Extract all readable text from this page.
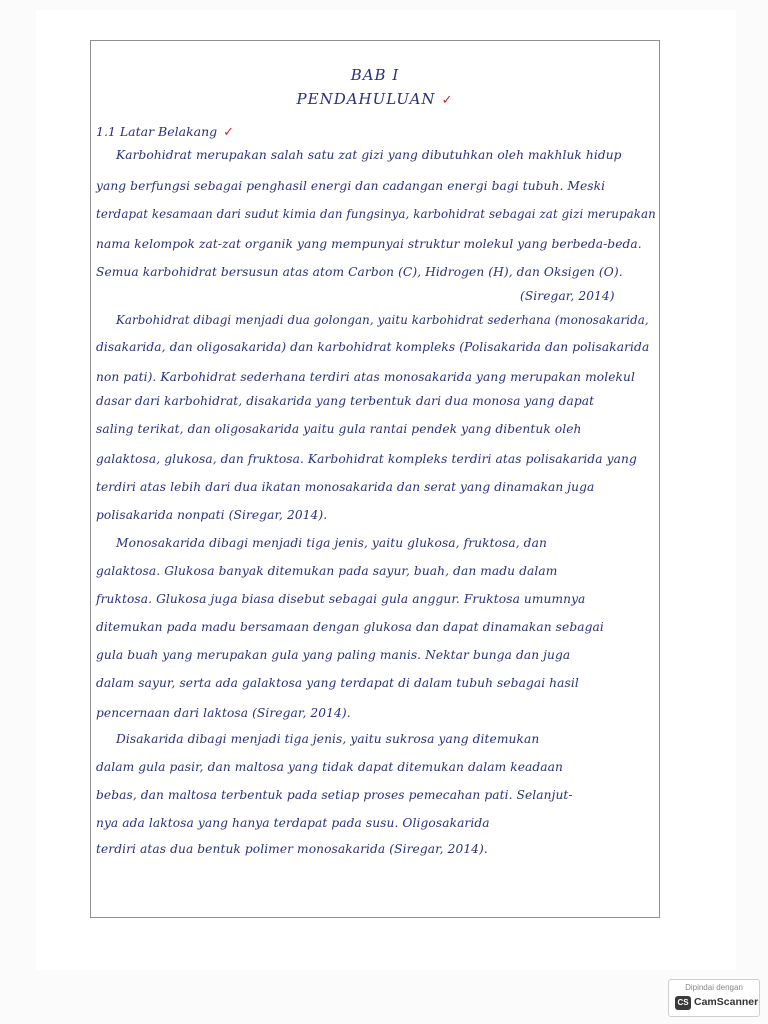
BAB I
PENDAHULUAN ✓
1.1 Latar Belakang ✓
Karbohidrat merupakan salah satu zat gizi yang dibutuhkan oleh makhluk hidup
yang berfungsi sebagai penghasil energi dan cadangan energi bagi tubuh. Meski
terdapat kesamaan dari sudut kimia dan fungsinya, karbohidrat sebagai zat gizi merupakan
nama kelompok zat-zat organik yang mempunyai struktur molekul yang berbeda-beda.
Semua karbohidrat bersusun atas atom Carbon (C), Hidrogen (H), dan Oksigen (O).
(Siregar, 2014)
Karbohidrat dibagi menjadi dua golongan, yaitu karbohidrat sederhana (monosakarida,
disakarida, dan oligosakarida) dan karbohidrat kompleks (Polisakarida dan polisakarida
non pati). Karbohidrat sederhana terdiri atas monosakarida yang merupakan molekul
dasar dari karbohidrat, disakarida yang terbentuk dari dua monosa yang dapat
saling terikat, dan oligosakarida yaitu gula rantai pendek yang dibentuk oleh
galaktosa, glukosa, dan fruktosa. Karbohidrat kompleks terdiri atas polisakarida yang
terdiri atas lebih dari dua ikatan monosakarida dan serat yang dinamakan juga
polisakarida nonpati (Siregar, 2014).
Monosakarida dibagi menjadi tiga jenis, yaitu glukosa, fruktosa, dan
galaktosa. Glukosa banyak ditemukan pada sayur, buah, dan madu dalam
fruktosa. Glukosa juga biasa disebut sebagai gula anggur. Fruktosa umumnya
ditemukan pada madu bersamaan dengan glukosa dan dapat dinamakan sebagai
gula buah yang merupakan gula yang paling manis. Nektar bunga dan juga
dalam sayur, serta ada galaktosa yang terdapat di dalam tubuh sebagai hasil
pencernaan dari laktosa (Siregar, 2014).
Disakarida dibagi menjadi tiga jenis, yaitu sukrosa yang ditemukan
dalam gula pasir, dan maltosa yang tidak dapat ditemukan dalam keadaan
bebas, dan maltosa terbentuk pada setiap proses pemecahan pati. Selanjut-
nya ada laktosa yang hanya terdapat pada susu. Oligosakarida
terdiri atas dua bentuk polimer monosakarida (Siregar, 2014).
Dipindai dengan
CS CamScanner
